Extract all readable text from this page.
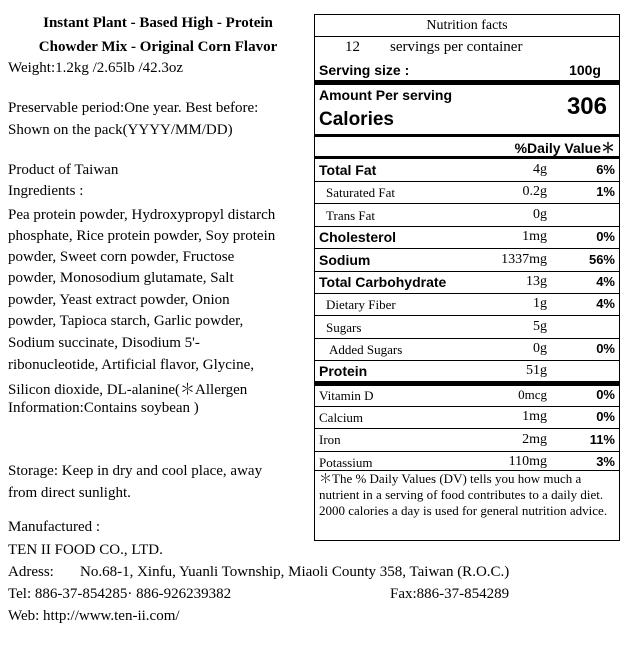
Instant Plant - Based High - Protein
Chowder Mix - Original Corn Flavor
Weight:1.2kg /2.65lb /42.3oz
Preservable period:One year. Best before:
Shown on the pack(YYYY/MM/DD)
Product of Taiwan
Ingredients :
Pea protein powder, Hydroxypropyl distarch
phosphate, Rice protein powder, Soy protein
powder, Sweet corn powder, Fructose
powder, Monosodium glutamate, Salt
powder, Yeast extract powder, Onion
powder, Tapioca starch, Garlic powder,
Sodium succinate, Disodium 5'-
ribonucleotide, Artificial flavor, Glycine,
Silicon dioxide, DL-alanine(＊Allergen
Information:Contains soybean )
Storage: Keep in dry and cool place, away
from direct sunlight.
Manufactured :
TEN II FOOD CO., LTD.
Adress: No.68-1, Xinfu, Yuanli Township, Miaoli County 358, Taiwan (R.O.C.)
Tel: 886-37-854285· 886-926239382	Fax:886-37-854289
Web: http://www.ten-ii.com/
Nutrition facts
12 servings per container
Serving size :	100g
Amount Per serving
Calories	306
%Daily Value＊
Total Fat	4g	6%
Saturated Fat	0.2g	1%
Trans Fat	0g
Cholesterol	1mg	0%
Sodium	1337mg	56%
Total Carbohydrate	13g	4%
Dietary Fiber	1g	4%
Sugars	5g
Added Sugars	0g	0%
Protein	51g
Vitamin D	0mcg	0%
Calcium	1mg	0%
Iron	2mg	11%
Potassium	110mg	3%
＊The % Daily Values (DV) tells you how much a nutrient in a serving of food contributes to a daily diet. 2000 calories a day is used for general nutrition advice.
